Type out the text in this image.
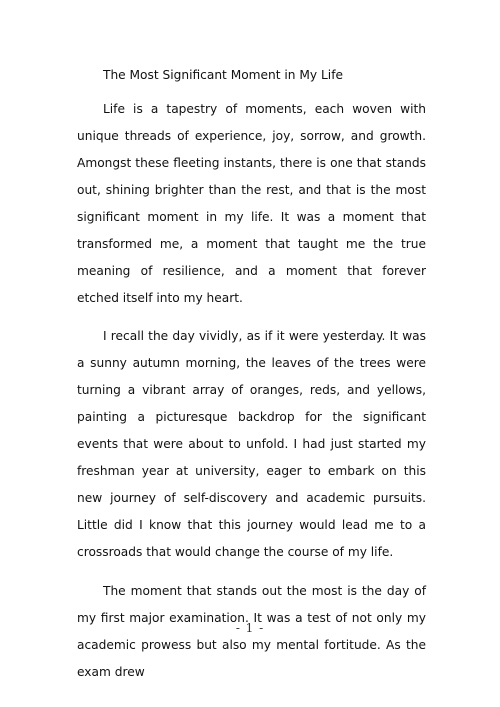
The Most Significant Moment in My Life

Life is a tapestry of moments, each woven with unique threads of experience, joy, sorrow, and growth. Amongst these fleeting instants, there is one that stands out, shining brighter than the rest, and that is the most significant moment in my life. It was a moment that transformed me, a moment that taught me the true meaning of resilience, and a moment that forever etched itself into my heart.

I recall the day vividly, as if it were yesterday. It was a sunny autumn morning, the leaves of the trees were turning a vibrant array of oranges, reds, and yellows, painting a picturesque backdrop for the significant events that were about to unfold. I had just started my freshman year at university, eager to embark on this new journey of self-discovery and academic pursuits. Little did I know that this journey would lead me to a crossroads that would change the course of my life.

The moment that stands out the most is the day of my first major examination. It was a test of not only my academic prowess but also my mental fortitude. As the exam drew

- 1 -
